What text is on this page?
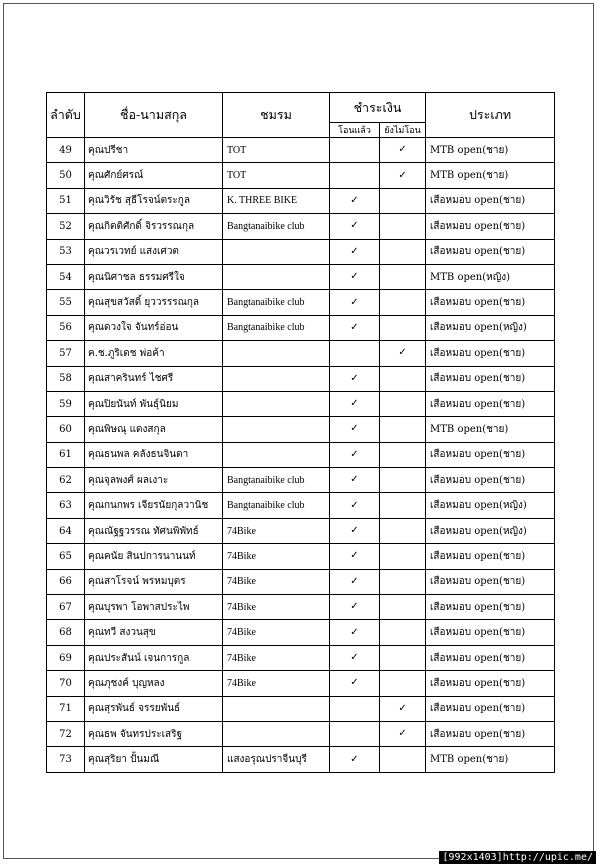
ลำดับ	ชื่อ-นามสกุล	ชมรม	ชำระเงิน		ประเภท
			โอนแล้ว	ยังไม่โอน	
49	คุณปรีชา	TOT		✓	MTB open(ชาย)
50	คุณศักย์ศรณ์	TOT		✓	MTB open(ชาย)
51	คุณวิรัช สุธีโรจน์ตระกูล	K. THREE BIKE	✓		เสือหมอบ open(ชาย)
52	คุณกิตติศักดิ์ จิรวรรณกุล	Bangtanaibike club	✓		เสือหมอบ open(ชาย)
53	คุณวรเวทย์ แสงเศวต		✓		เสือหมอบ open(ชาย)
54	คุณนิศาชล ธรรมศรีใจ		✓		MTB open(หญิง)
55	คุณสุขสวัสดิ์ ยุววรรรณกุล	Bangtanaibike club	✓		เสือหมอบ open(ชาย)
56	คุณดวงใจ จันทร์อ่อน	Bangtanaibike club	✓		เสือหมอบ open(หญิง)
57	ค.ช.ภูริเดช พ่อค้า			✓	เสือหมอบ open(ชาย)
58	คุณสาครินทร์ ไชศรี		✓		เสือหมอบ open(ชาย)
59	คุณปิยนันท์ พันธุ์นิยม		✓		เสือหมอบ open(ชาย)
60	คุณพิษณุ แดงสกุล		✓		MTB open(ชาย)
61	คุณธนพล คลังธนจินดา		✓		เสือหมอบ open(ชาย)
62	คุณจุลพงศ์ ผลเงาะ	Bangtanaibike club	✓		เสือหมอบ open(ชาย)
63	คุณกนกพร เจียรนัยกุลวานิช	Bangtanaibike club	✓		เสือหมอบ open(หญิง)
64	คุณณัฐฐวรรณ ทัศนพิพัทธ์	74Bike	✓		เสือหมอบ open(หญิง)
65	คุณคนัย สินปการนานนท์	74Bike	✓		เสือหมอบ open(ชาย)
66	คุณสาโรจน์ พรหมบุตร	74Bike	✓		เสือหมอบ open(ชาย)
67	คุณบุรพา โอพาสประไพ	74Bike	✓		เสือหมอบ open(ชาย)
68	คุณทวี สงวนสุข	74Bike	✓		เสือหมอบ open(ชาย)
69	คุณประสันน์ เจนการกูล	74Bike	✓		เสือหมอบ open(ชาย)
70	คุณภุชงค์ บุญหลง	74Bike	✓		เสือหมอบ open(ชาย)
71	คุณสุรพันธ์ จรรยพันธ์			✓	เสือหมอบ open(ชาย)
72	คุณธพ จันทรประเสริฐ			✓	เสือหมอบ open(ชาย)
73	คุณสุริยา ปั้นมณี	แสงอรุณปราจีนบุรี	✓		MTB open(ชาย)
[992x1403]http://upic.me/
